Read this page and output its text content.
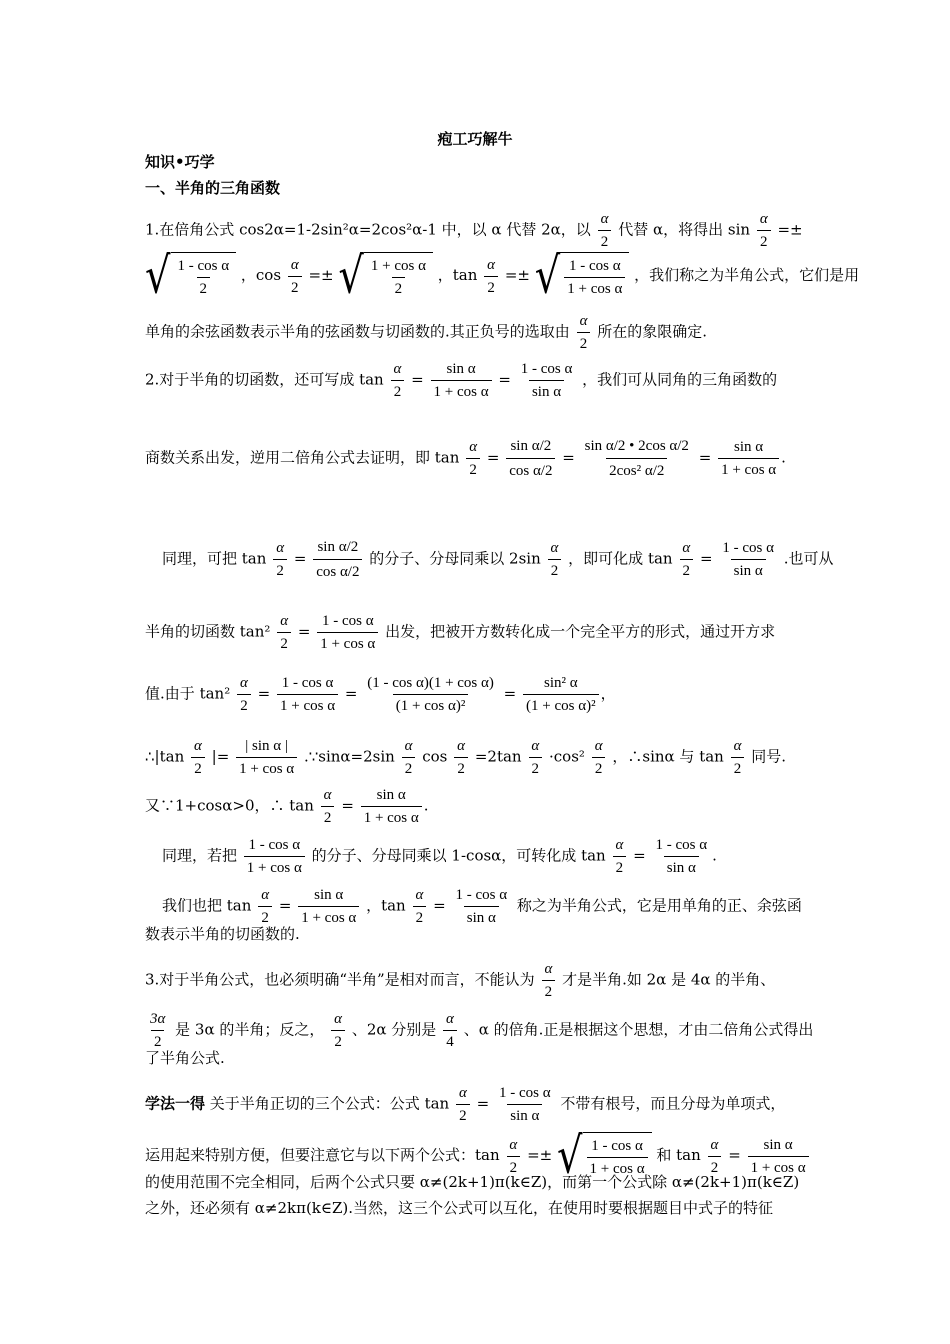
疱工巧解牛
知识•巧学
一、半角的三角函数
1.在倍角公式 cos2α=1-2sin²α=2cos²α-1 中，以 α 代替 2α，以 $\frac{\alpha}{2}$ 代替 α，将得出 $\sin \frac{\alpha}{2}$ =±
√ $\frac{\text{1 - cos α}}{2}$ ，$\cos \frac{\alpha}{2}$ =± √ $\frac{\text{1 + cos α}}{2}$ ，$\tan \frac{\alpha}{2}$ =± √ $\frac{\text{1 - cos α}}{\text{1 + cos α}}$ ，我们称之为半角公式，它们是用
单角的余弦函数表示半角的弦函数与切函数的.其正负号的选取由 $\frac{\alpha}{2}$ 所在的象限确定.
2.对于半角的切函数，还可写成 $\tan \frac{\alpha}{2} = \frac{\text{sin α}}{\text{1 + cos α}} = \frac{\text{1 - cos α}}{\text{sin α}}$ ，我们可从同角的三角函数的
商数关系出发，逆用二倍角公式去证明，即 $\tan \frac{\alpha}{2} = \frac{\text{sin α/2}}{\text{cos α/2}} = \frac{\text{sin α/2 • 2cos α/2}}{\text{2cos² α/2}} = \frac{\text{sin α}}{\text{1 + cos α}}$ .
同理，可把 $\tan \frac{\alpha}{2} = \frac{\text{sin α/2}}{\text{cos α/2}}$ 的分子、分母同乘以 $2\sin \frac{\alpha}{2}$ ，即可化成 $\tan \frac{\alpha}{2} = \frac{\text{1 - cos α}}{\text{sin α}}$ .也可从
半角的切函数 $\tan^2 \frac{\alpha}{2} = \frac{\text{1 - cos α}}{\text{1 + cos α}}$ 出发，把被开方数转化成一个完全平方的形式，通过开方求
值.由于 $\tan^2 \frac{\alpha}{2} = \frac{\text{1 - cos α}}{\text{1 + cos α}} = \frac{\text{(1 - cos α)(1 + cos α)}}{\text{(1 + cos α)²}} = \frac{\text{sin² α}}{\text{(1 + cos α)²}}$ ，
∴|tan $\frac{\alpha}{2}$ |= $\frac{\text{| sin α |}}{\text{1 + cos α}}$ .∵sinα=2sin $\frac{\alpha}{2}$ $\cos \frac{\alpha}{2} =2\tan \frac{\alpha}{2} \cdot\cos^2 \frac{\alpha}{2}$ ，∴sinα 与 $\tan \frac{\alpha}{2}$ 同号.
又∵1+cosα>0，∴ $\tan \frac{\alpha}{2} = \frac{\text{sin α}}{\text{1 + cos α}}$ .
同理，若把 $\frac{\text{1 - cos α}}{\text{1 + cos α}}$ 的分子、分母同乘以 1-cosα，可转化成 $\tan \frac{\alpha}{2} = \frac{\text{1 - cos α}}{\text{sin α}}$ .
我们也把 $\tan \frac{\alpha}{2} = \frac{\text{sin α}}{\text{1 + cos α}}$ ，$\tan \frac{\alpha}{2} = \frac{\text{1 - cos α}}{\text{sin α}}$ 称之为半角公式，它是用单角的正、余弦函
数表示半角的切函数的.
3.对于半角公式，也必须明确“半角”是相对而言，不能认为 $\frac{\alpha}{2}$ 才是半角.如 2α 是 4α 的半角、
$\frac{3\alpha}{2}$ 是 3α 的半角；反之， $\frac{\alpha}{2}$ 、2α 分别是 $\frac{\alpha}{4}$ 、α 的倍角.正是根据这个思想，才由二倍角公式得出
了半角公式.
学法一得 关于半角正切的三个公式：公式 $\tan \frac{\alpha}{2} = \frac{\text{1 - cos α}}{\text{sin α}}$ 不带有根号，而且分母为单项式，
运用起来特别方便，但要注意它与以下两个公式：$\tan \frac{\alpha}{2}$ =± √ $\frac{\text{1 - cos α}}{\text{1 + cos α}}$ 和 $\tan \frac{\alpha}{2} = \frac{\text{sin α}}{\text{1 + cos α}}$
的使用范围不完全相同，后两个公式只要 α≠(2k+1)π(k∈Z)，而第一个公式除 α≠(2k+1)π(k∈Z)
之外，还必须有 α≠2kπ(k∈Z).当然，这三个公式可以互化，在使用时要根据题目中式子的特征
